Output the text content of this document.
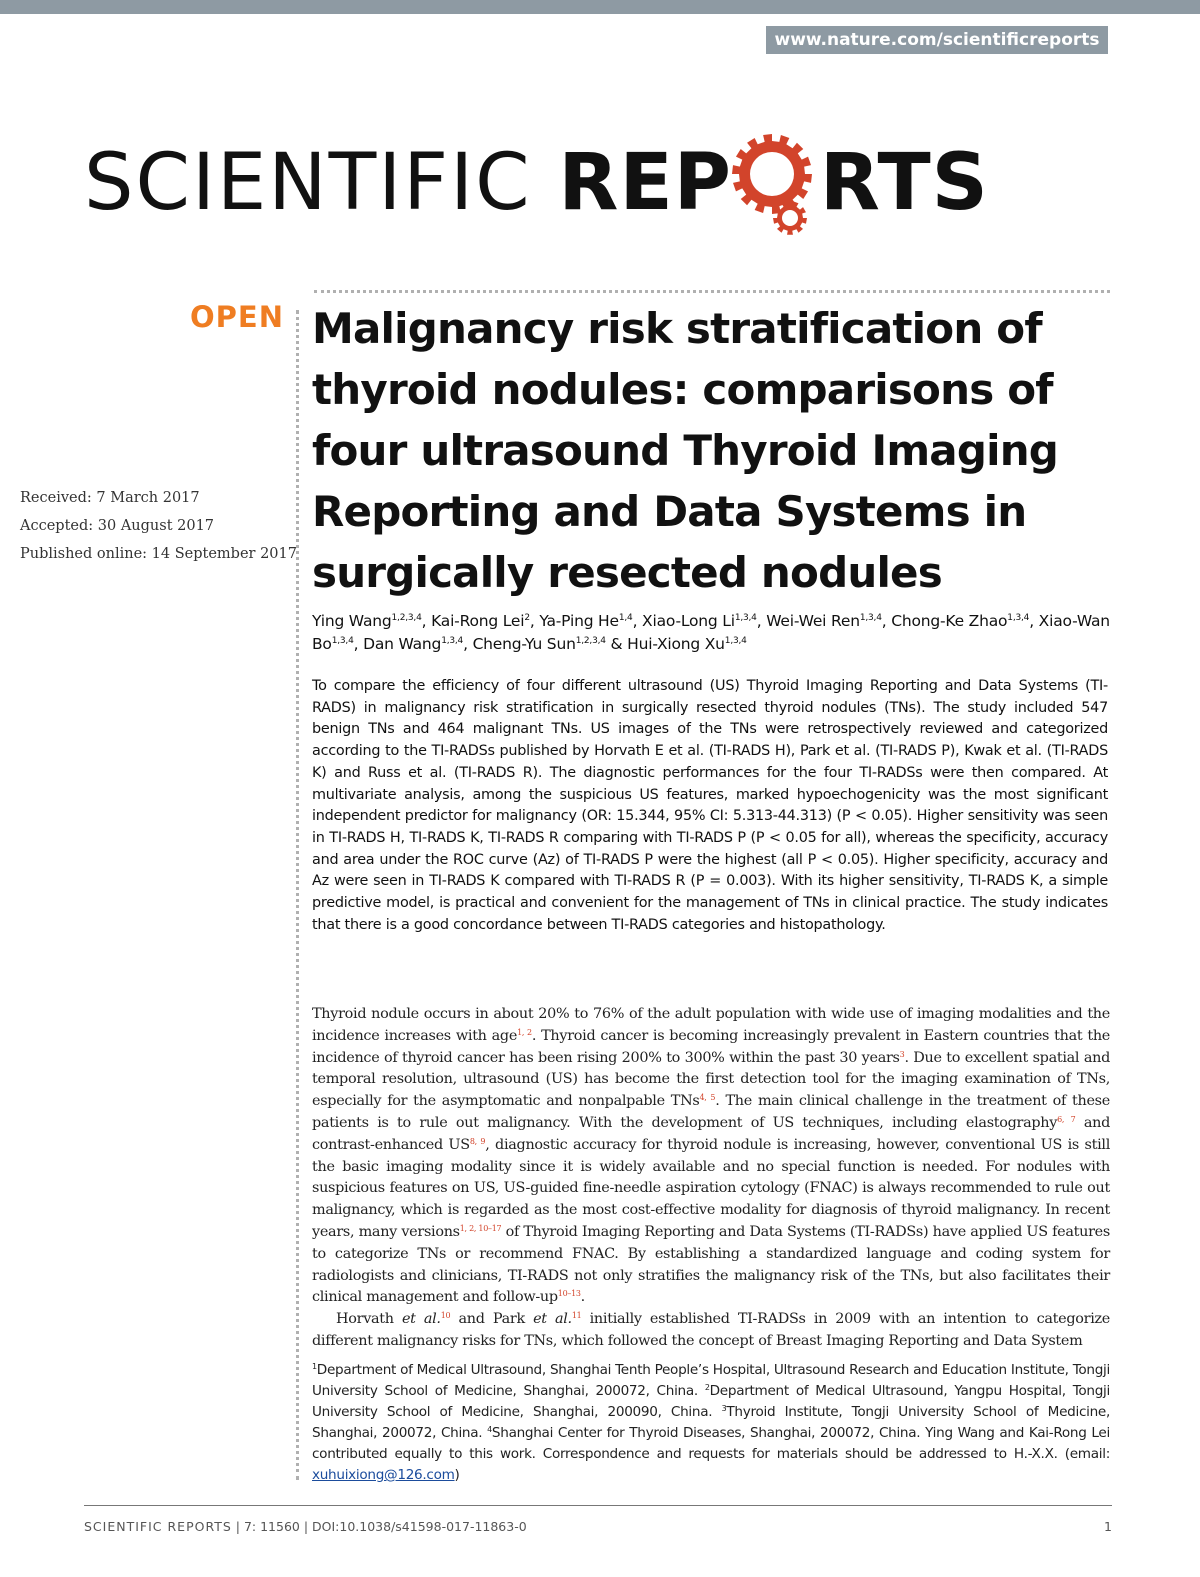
www.nature.com/scientificreports
SCIENTIFIC REP RTS
OPEN
Received: 7 March 2017
Accepted: 30 August 2017
Published online: 14 September 2017
Malignancy risk stratification of thyroid nodules: comparisons of four ultrasound Thyroid Imaging Reporting and Data Systems in surgically resected nodules
Ying Wang$^{1,2,3,4}$, Kai-Rong Lei$^2$, Ya-Ping He$^{1,4}$, Xiao-Long Li$^{1,3,4}$, Wei-Wei Ren$^{1,3,4}$, Chong-Ke Zhao$^{1,3,4}$, Xiao-Wan Bo$^{1,3,4}$, Dan Wang$^{1,3,4}$, Cheng-Yu Sun$^{1,2,3,4}$ & Hui-Xiong Xu$^{1,3,4}$
To compare the efficiency of four different ultrasound (US) Thyroid Imaging Reporting and Data Systems (TI-RADS) in malignancy risk stratification in surgically resected thyroid nodules (TNs). The study included 547 benign TNs and 464 malignant TNs. US images of the TNs were retrospectively reviewed and categorized according to the TI-RADSs published by Horvath E et al. (TI-RADS H), Park et al. (TI-RADS P), Kwak et al. (TI-RADS K) and Russ et al. (TI-RADS R). The diagnostic performances for the four TI-RADSs were then compared. At multivariate analysis, among the suspicious US features, marked hypoechogenicity was the most significant independent predictor for malignancy (OR: 15.344, 95% CI: 5.313-44.313) (P < 0.05). Higher sensitivity was seen in TI-RADS H, TI-RADS K, TI-RADS R comparing with TI-RADS P (P < 0.05 for all), whereas the specificity, accuracy and area under the ROC curve (Az) of TI-RADS P were the highest (all P < 0.05). Higher specificity, accuracy and Az were seen in TI-RADS K compared with TI-RADS R (P = 0.003). With its higher sensitivity, TI-RADS K, a simple predictive model, is practical and convenient for the management of TNs in clinical practice. The study indicates that there is a good concordance between TI-RADS categories and histopathology.

Thyroid nodule occurs in about 20% to 76% of the adult population with wide use of imaging modalities and the incidence increases with age$^{1, 2}$. Thyroid cancer is becoming increasingly prevalent in Eastern countries that the incidence of thyroid cancer has been rising 200% to 300% within the past 30 years$^3$. Due to excellent spatial and temporal resolution, ultrasound (US) has become the first detection tool for the imaging examination of TNs, especially for the asymptomatic and nonpalpable TNs$^{4, 5}$. The main clinical challenge in the treatment of these patients is to rule out malignancy. With the development of US techniques, including elastography$^{6, 7}$ and contrast-enhanced US$^{8, 9}$, diagnostic accuracy for thyroid nodule is increasing, however, conventional US is still the basic imaging modality since it is widely available and no special function is needed. For nodules with suspicious features on US, US-guided fine-needle aspiration cytology (FNAC) is always recommended to rule out malignancy, which is regarded as the most cost-effective modality for diagnosis of thyroid malignancy. In recent years, many versions$^{1, 2, 10-17}$ of Thyroid Imaging Reporting and Data Systems (TI-RADSs) have applied US features to categorize TNs or recommend FNAC. By establishing a standardized language and coding system for radiologists and clinicians, TI-RADS not only stratifies the malignancy risk of the TNs, but also facilitates their clinical management and follow-$up^{10-13}$.

Horvath et al.$^{10}$ and Park et al.$^{11}$ initially established TI-RADSs in 2009 with an intention to categorize different malignancy risks for TNs, which followed the concept of Breast Imaging Reporting and Data System

$^1$Department of Medical Ultrasound, Shanghai Tenth People’s Hospital, Ultrasound Research and Education Institute, Tongji University School of Medicine, Shanghai, 200072, China. $^2$Department of Medical Ultrasound, Yangpu Hospital, Tongji University School of Medicine, Shanghai, 200090, China. $^3$Thyroid Institute, Tongji University School of Medicine, Shanghai, 200072, China. $^4$Shanghai Center for Thyroid Diseases, Shanghai, 200072, China. Ying Wang and Kai-Rong Lei contributed equally to this work. Correspondence and requests for materials should be addressed to H.-X.X. (email: xuhuixiong@126.com)
SCIENTIFIC REPORTS | 7: 11560 | DOI:10.1038/s41598-017-11863-0	1
